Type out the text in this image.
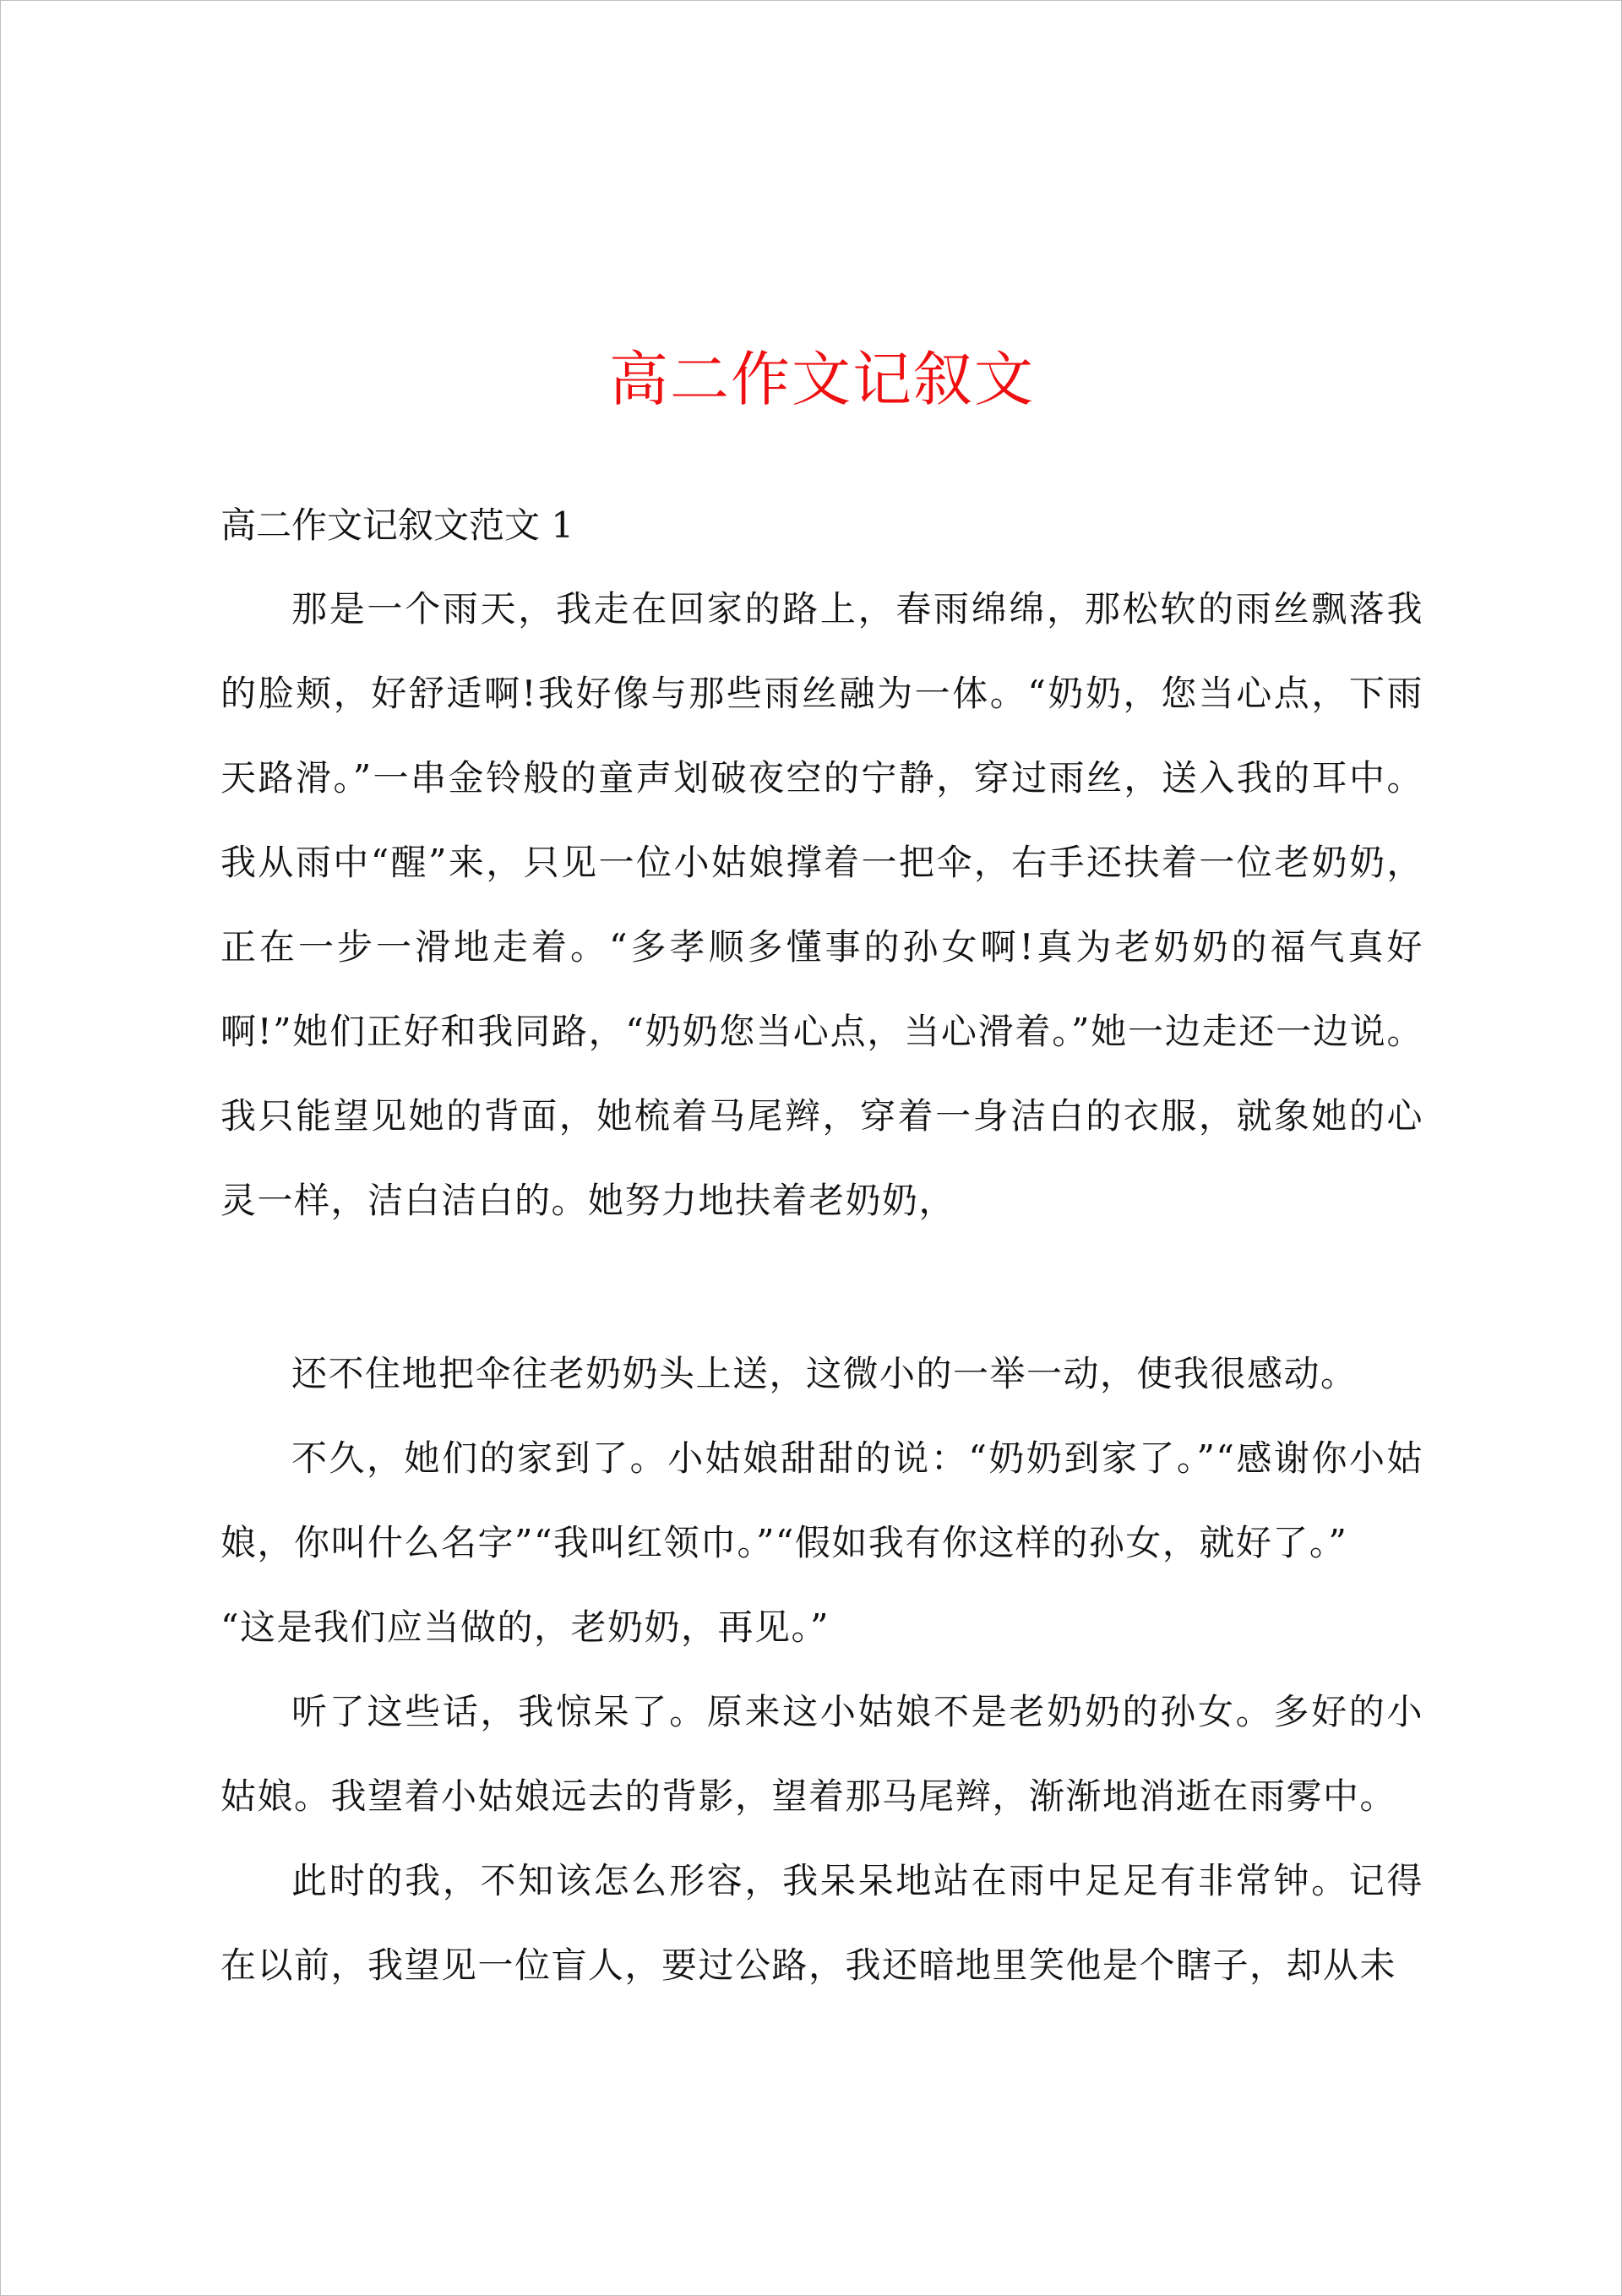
高二作文记叙文

高二作文记叙文范文 1

那是一个雨天，我走在回家的路上，春雨绵绵，那松软的雨丝飘落我的脸颊，好舒适啊!我好像与那些雨丝融为一体。“奶奶，您当心点，下雨天路滑。”一串金铃般的童声划破夜空的宁静，穿过雨丝，送入我的耳中。我从雨中“醒”来，只见一位小姑娘撑着一把伞，右手还扶着一位老奶奶，正在一步一滑地走着。“多孝顺多懂事的孙女啊!真为老奶奶的福气真好啊!”她们正好和我同路，“奶奶您当心点，当心滑着。”她一边走还一边说。我只能望见她的背面，她梳着马尾辫，穿着一身洁白的衣服，就象她的心灵一样，洁白洁白的。她努力地扶着老奶奶，

还不住地把伞往老奶奶头上送，这微小的一举一动，使我很感动。

不久，她们的家到了。小姑娘甜甜的说：“奶奶到家了。”“感谢你小姑娘，你叫什么名字”“我叫红领巾。”“假如我有你这样的孙女，就好了。”

“这是我们应当做的，老奶奶，再见。”

听了这些话，我惊呆了。原来这小姑娘不是老奶奶的孙女。多好的小姑娘。我望着小姑娘远去的背影，望着那马尾辫，渐渐地消逝在雨雾中。

此时的我，不知该怎么形容，我呆呆地站在雨中足足有非常钟。记得在以前，我望见一位盲人，要过公路，我还暗地里笑他是个瞎子，却从未
